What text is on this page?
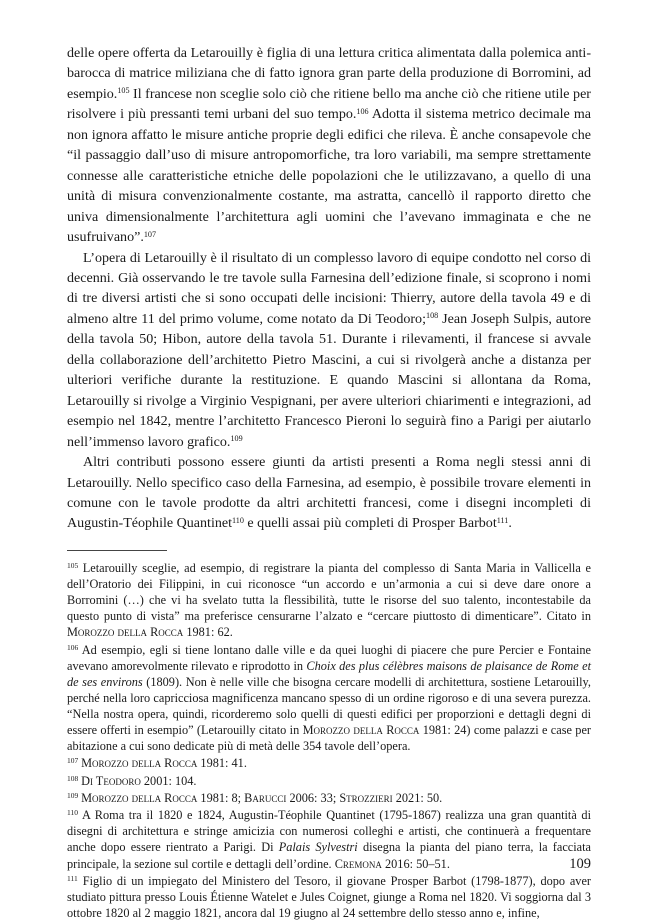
delle opere offerta da Letarouilly è figlia di una lettura critica alimentata dalla polemica anti-barocca di matrice miliziana che di fatto ignora gran parte della produzione di Borromini, ad esempio.$^{105}$ Il francese non sceglie solo ciò che ritiene bello ma anche ciò che ritiene utile per risolvere i più pressanti temi urbani del suo tempo.$^{106}$ Adotta il sistema metrico decimale ma non ignora affatto le misure antiche proprie degli edifici che rileva. È anche consapevole che “il passaggio dall’uso di misure antropomorfiche, tra loro variabili, ma sempre strettamente connesse alle caratteristiche etniche delle popolazioni che le utilizzavano, a quello di una unità di misura convenzionalmente costante, ma astratta, cancellò il rapporto diretto che univa dimensionalmente l’architettura agli uomini che l’avevano immaginata e che ne usufruivano”.$^{107}$

L’opera di Letarouilly è il risultato di un complesso lavoro di equipe condotto nel corso di decenni. Già osservando le tre tavole sulla Farnesina dell’edizione finale, si scoprono i nomi di tre diversi artisti che si sono occupati delle incisioni: Thierry, autore della tavola 49 e di almeno altre 11 del primo volume, come notato da Di Teodoro;$^{108}$ Jean Joseph Sulpis, autore della tavola 50; Hibon, autore della tavola 51. Durante i rilevamenti, il francese si avvale della collaborazione dell’architetto Pietro Mascini, a cui si rivolgerà anche a distanza per ulteriori verifiche durante la restituzione. E quando Mascini si allontana da Roma, Letarouilly si rivolge a Virginio Vespignani, per avere ulteriori chiarimenti e integrazioni, ad esempio nel 1842, mentre l’architetto Francesco Pieroni lo seguirà fino a Parigi per aiutarlo nell’immenso lavoro grafico.$^{109}$

Altri contributi possono essere giunti da artisti presenti a Roma negli stessi anni di Letarouilly. Nello specifico caso della Farnesina, ad esempio, è possibile trovare elementi in comune con le tavole prodotte da altri architetti francesi, come i disegni incompleti di Augustin-Téophile Quantinet$^{110}$ e quelli assai più completi di Prosper Barbot$^{111}$.

105 Letarouilly sceglie, ad esempio, di registrare la pianta del complesso di Santa Maria in Vallicella e dell’Oratorio dei Filippini, in cui riconosce “un accordo e un’armonia a cui si deve dare onore a Borromini (…) che vi ha svelato tutta la flessibilità, tutte le risorse del suo talento, incontestabile da questo punto di vista” ma preferisce censurarne l’alzato e “cercare piuttosto di dimenticare”. Citato in Morozzo della Rocca 1981: 62.
106 Ad esempio, egli si tiene lontano dalle ville e da quei luoghi di piacere che pure Percier e Fontaine avevano amorevolmente rilevato e riprodotto in Choix des plus célèbres maisons de plaisance de Rome et de ses environs (1809). Non è nelle ville che bisogna cercare modelli di architettura, sostiene Letarouilly, perché nella loro capricciosa magnificenza mancano spesso di un ordine rigoroso e di una severa purezza. “Nella nostra opera, quindi, ricorderemo solo quelli di questi edifici per proporzioni e dettagli degni di essere offerti in esempio” (Letarouilly citato in Morozzo della Rocca 1981: 24) come palazzi e case per abitazione a cui sono dedicate più di metà delle 354 tavole dell’opera.
107 Morozzo della Rocca 1981: 41.
108 Di Teodoro 2001: 104.
109 Morozzo della Rocca 1981: 8; Barucci 2006: 33; Strozzieri 2021: 50.
110 A Roma tra il 1820 e 1824, Augustin-Téophile Quantinet (1795-1867) realizza una gran quantità di disegni di architettura e stringe amicizia con numerosi colleghi e artisti, che continuerà a frequentare anche dopo essere rientrato a Parigi. Di Palais Sylvestri disegna la pianta del piano terra, la facciata principale, la sezione sul cortile e dettagli dell’ordine. Cremona 2016: 50–51.
111 Figlio di un impiegato del Ministero del Tesoro, il giovane Prosper Barbot (1798-1877), dopo aver studiato pittura presso Louis Étienne Watelet e Jules Coignet, giunge a Roma nel 1820. Vi soggiorna dal 3 ottobre 1820 al 2 maggio 1821, ancora dal 19 giugno al 24 settembre dello stesso anno e, infine,
109
